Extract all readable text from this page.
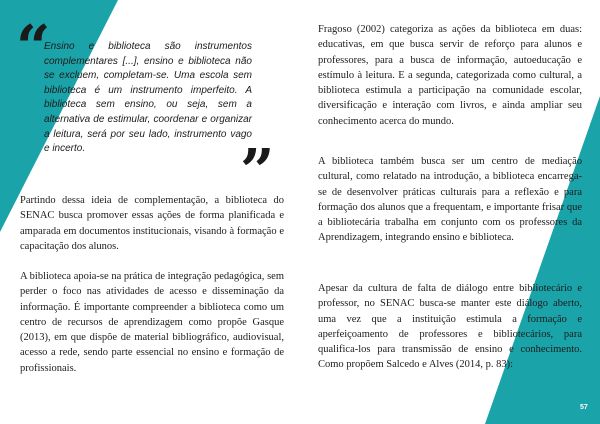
“

Ensino e biblioteca são instrumentos complementares [...], ensino e biblioteca não se excluem, completam-se. Uma escola sem biblioteca é um instrumento imperfeito. A biblioteca sem ensino, ou seja, sem a alternativa de estimular, coordenar e organizar a leitura, será por seu lado, instrumento vago e incerto.	”

Partindo dessa ideia de complementação, a biblioteca do SENAC busca promover essas ações de forma planificada e amparada em documentos institucionais, visando à formação e capacitação dos alunos.

A biblioteca apoia-se na prática de integração pedagógica, sem perder o foco nas atividades de acesso e disseminação da informação. É importante compreender a biblioteca como um centro de recursos de aprendizagem como propõe Gasque (2013), em que dispõe de material bibliográfico, audiovisual, acesso a rede, sendo parte essencial no ensino e formação de profissionais.

Fragoso (2002) categoriza as ações da biblioteca em duas: educativas, em que busca servir de reforço para alunos e professores, para a busca de informação, autoeducação e estímulo à leitura. E a segunda, categorizada como cultural, a biblioteca estimula a participação na comunidade escolar, diversificação e interação com livros, e ainda ampliar seu conhecimento acerca do mundo.

A biblioteca também busca ser um centro de mediação cultural, como relatado na introdução, a biblioteca encarrega-se de desenvolver práticas culturais para a reflexão e para formação dos alunos que a frequentam, e importante frisar que a bibliotecária trabalha em conjunto com os professores da Aprendizagem, integrando ensino e biblioteca.

Apesar da cultura de falta de diálogo entre bibliotecário e professor, no SENAC busca-se manter este diálogo aberto, uma vez que a instituição estimula a formação e aperfeiçoamento de professores e bibliotecários, para qualifica-los para transmissão de ensino e conhecimento. Como propõem Salcedo e Alves (2014, p. 83):

57
